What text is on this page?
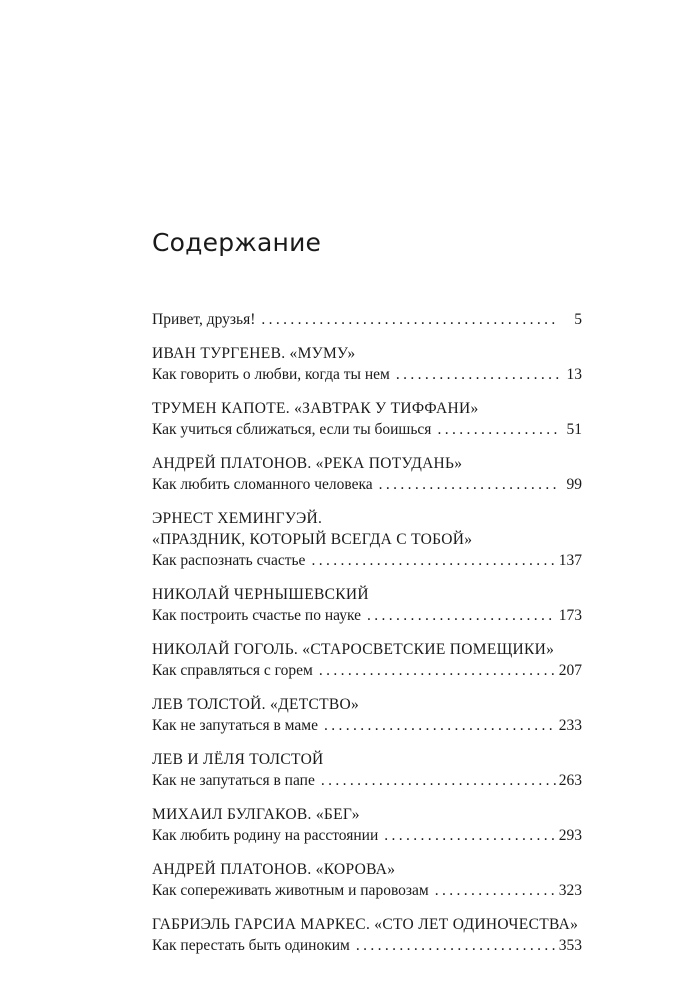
Содержание
Привет, друзья! . . .	5
ИВАН ТУРГЕНЕВ. «МУМУ»
Как говорить о любви, когда ты нем . . .	13
ТРУМЕН КАПОТЕ. «ЗАВТРАК У ТИФФАНИ»
Как учиться сближаться, если ты боишься . . .	51
АНДРЕЙ ПЛАТОНОВ. «РЕКА ПОТУДАНЬ»
Как любить сломанного человека . . .	99
ЭРНЕСТ ХЕМИНГУЭЙ.
«ПРАЗДНИК, КОТОРЫЙ ВСЕГДА С ТОБОЙ»
Как распознать счастье . . .	137
НИКОЛАЙ ЧЕРНЫШЕВСКИЙ
Как построить счастье по науке . . .	173
НИКОЛАЙ ГОГОЛЬ. «СТАРОСВЕТСКИЕ ПОМЕЩИКИ»
Как справляться с горем . . .	207
ЛЕВ ТОЛСТОЙ. «ДЕТСТВО»
Как не запутаться в маме . . .	233
ЛЕВ И ЛЁЛЯ ТОЛСТОЙ
Как не запутаться в папе . . .	263
МИХАИЛ БУЛГАКОВ. «БЕГ»
Как любить родину на расстоянии . . .	293
АНДРЕЙ ПЛАТОНОВ. «КОРОВА»
Как сопереживать животным и паровозам . . .	323
ГАБРИЭЛЬ ГАРСИА МАРКЕС. «СТО ЛЕТ ОДИНОЧЕСТВА»
Как перестать быть одиноким . . .	353
